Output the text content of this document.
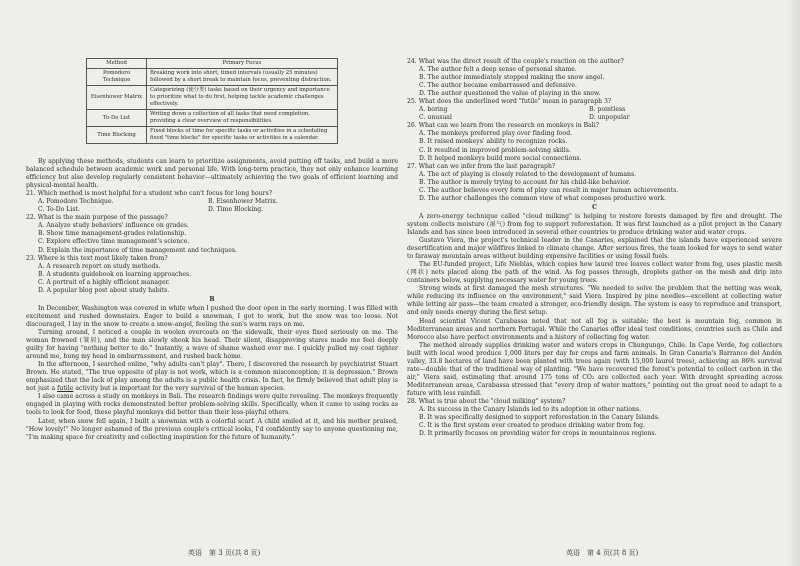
Method	Primary Focus
Pomodoro Technique	Breaking work into short, timed intervals (usually 25 minutes) followed by a short break to maintain focus, preventing distraction.
Eisenhower Matrix	Categorizing (使分类) tasks based on their urgency and importance to prioritize what to do first, helping tackle academic challenges effectively.
To-Do List	Writing down a collection of all tasks that need completion, providing a clear overview of responsibilities.
Time Blocking	Fixed blocks of time for specific tasks or activities in a scheduling fixed "time blocks" for specific tasks or activities in a calendar.

By applying these methods, students can learn to prioritize assignments, avoid putting off tasks, and build a more balanced schedule between academic work and personal life. With long-term practice, they not only enhance learning efficiency but also develop regularly consistent behavior—ultimately achieving the two goals of efficient learning and physical-mental health.

21. Which method is most helpful for a student who can't focus for long hours?

A. Pomodoro Technique.	B. Eisenhower Matrix.
C. To-Do List.	D. Time Blocking.

22. What is the main purpose of the passage?

A. Analyze study behaviors' influence on grades.

B. Show time management-grades relationship.

C. Explore effective time management's science.

D. Explain the importance of time management and techniques.

23. Where is this text most likely taken from?

A. A research report on study methods.

B. A students guidebook on learning approaches.

C. A portrait of a highly efficient manager.

D. A popular blog post about study habits.

B

In December, Washington was covered in white when I pushed the door open in the early morning. I was filled with excitement and rushed downstairs. Eager to build a snowman, I got to work, but the snow was too loose. Not discouraged, I lay in the snow to create a snow-angel, feeling the sun's warm rays on me.

Turning around, I noticed a couple in woolen overcoats on the sidewalk, their eyes fixed seriously on me. The woman frowned (皱眉), and the man slowly shook his head. Their silent, disapproving stares made me feel deeply guilty for having "nothing better to do." Instantly, a wave of shame washed over me. I quickly pulled my coat tighter around me, hung my head in embarrassment, and rushed back home.

In the afternoon, I searched online, "why adults can't play". There, I discovered the research by psychiatrist Stuart Brown. He stated, "The true opposite of play is not work, which is a common misconception; it is depression." Brown emphasized that the lack of play among the adults is a public health crisis. In fact, he firmly believed that adult play is not just a futile activity but is important for the very survival of the human species.

I also came across a study on monkeys in Bali. The research findings were quite revealing. The monkeys frequently engaged in playing with rocks demonstrated better problem-solving skills. Specifically, when it came to using rocks as tools to look for food, these playful monkeys did better than their less-playful others.

Later, when snow fell again, I built a snowman with a colorful scarf. A child smiled at it, and his mother praised, "How lovely!" No longer ashamed of the previous couple's critical looks, I'd confidently say to anyone questioning me, "I'm making space for creativity and collecting inspiration for the future of humanity."

24. What was the direct result of the couple's reaction on the author?

A. The author felt a deep sense of personal shame.

B. The author immediately stopped making the snow angel.

C. The author became embarrassed and defensive.

D. The author questioned the value of playing in the snow.

25. What does the underlined word "futile" mean in paragraph 3?

A. boring	B. pointless
C. unusual	D. unpopular

26. What can we learn from the research on monkeys in Bali?

A. The monkeys preferred play over finding food.

B. It raised monkeys' ability to recognize rocks.

C. It resulted in improved problem-solving skills.

D. It helped monkeys build more social connections.

27. What can we infer from the last paragraph?

A. The act of playing is closely related to the development of humans.

B. The author is merely trying to account for his child-like behavior.

C. The author believes every form of play can result in major human achievements.

D. The author challenges the common view of what composes productive work.

C

A zero-energy technique called "cloud milking" is helping to restore forests damaged by fire and drought. The system collects moisture (湿气) from fog to support reforestation. It was first launched as a pilot project in the Canary Islands and has since been introduced in several other countries to produce drinking water and water crops.

Gustavo Viera, the project's technical leader in the Canaries, explained that the islands have experienced severe desertification and major wildfires linked to climate change. After serious fires, the team looked for ways to send water to faraway mountain areas without building expensive facilities or using fossil fuels.

The EU-funded project, Life Nieblas, which copies how laurel tree leaves collect water from fog, uses plastic mesh (网状) nets placed along the path of the wind. As fog passes through, droplets gather on the mesh and drip into containers below, supplying necessary water for young trees.

Strong winds at first damaged the mesh structures. "We needed to solve the problem that the netting was weak, while reducing its influence on the environment," said Viera. Inspired by pine needles—excellent at collecting water while letting air pass—the team created a stronger, eco-friendly design. The system is easy to reproduce and transport, and only needs energy during the first setup.

Head scientist Vicent Carabassa noted that not all fog is suitable; the best is mountain fog, common in Mediterranean areas and northern Portugal. While the Canaries offer ideal test conditions, countries such as Chile and Morocco also have perfect environments and a history of collecting fog water.

The method already supplies drinking water and waters crops in Chungungo, Chile. In Cape Verde, fog collectors built with local wood produce 1,000 liters per day for crops and farm animals. In Gran Canaria's Barranco del Andén valley, 33.8 hectares of land have been planted with trees again (with 15,000 laurel trees), achieving an 86% survival rate—double that of the traditional way of planting. "We have recovered the forest's potential to collect carbon in the air," Viera said, estimating that around 175 tons of CO₂ are collected each year. With drought spreading across Mediterranean areas, Carabassa stressed that "every drop of water matters," pointing out the great need to adapt to a future with less rainfall.

28. What is true about the "cloud milking" system?

A. Its success in the Canary Islands led to its adoption in other nations.

B. It was specifically designed to support reforestation in the Canary Islands.

C. It is the first system ever created to produce drinking water from fog.

D. It primarily focuses on providing water for crops in mountainous regions.

英语　第 3 页(共 8 页)	英语　第 4 页(共 8 页)
